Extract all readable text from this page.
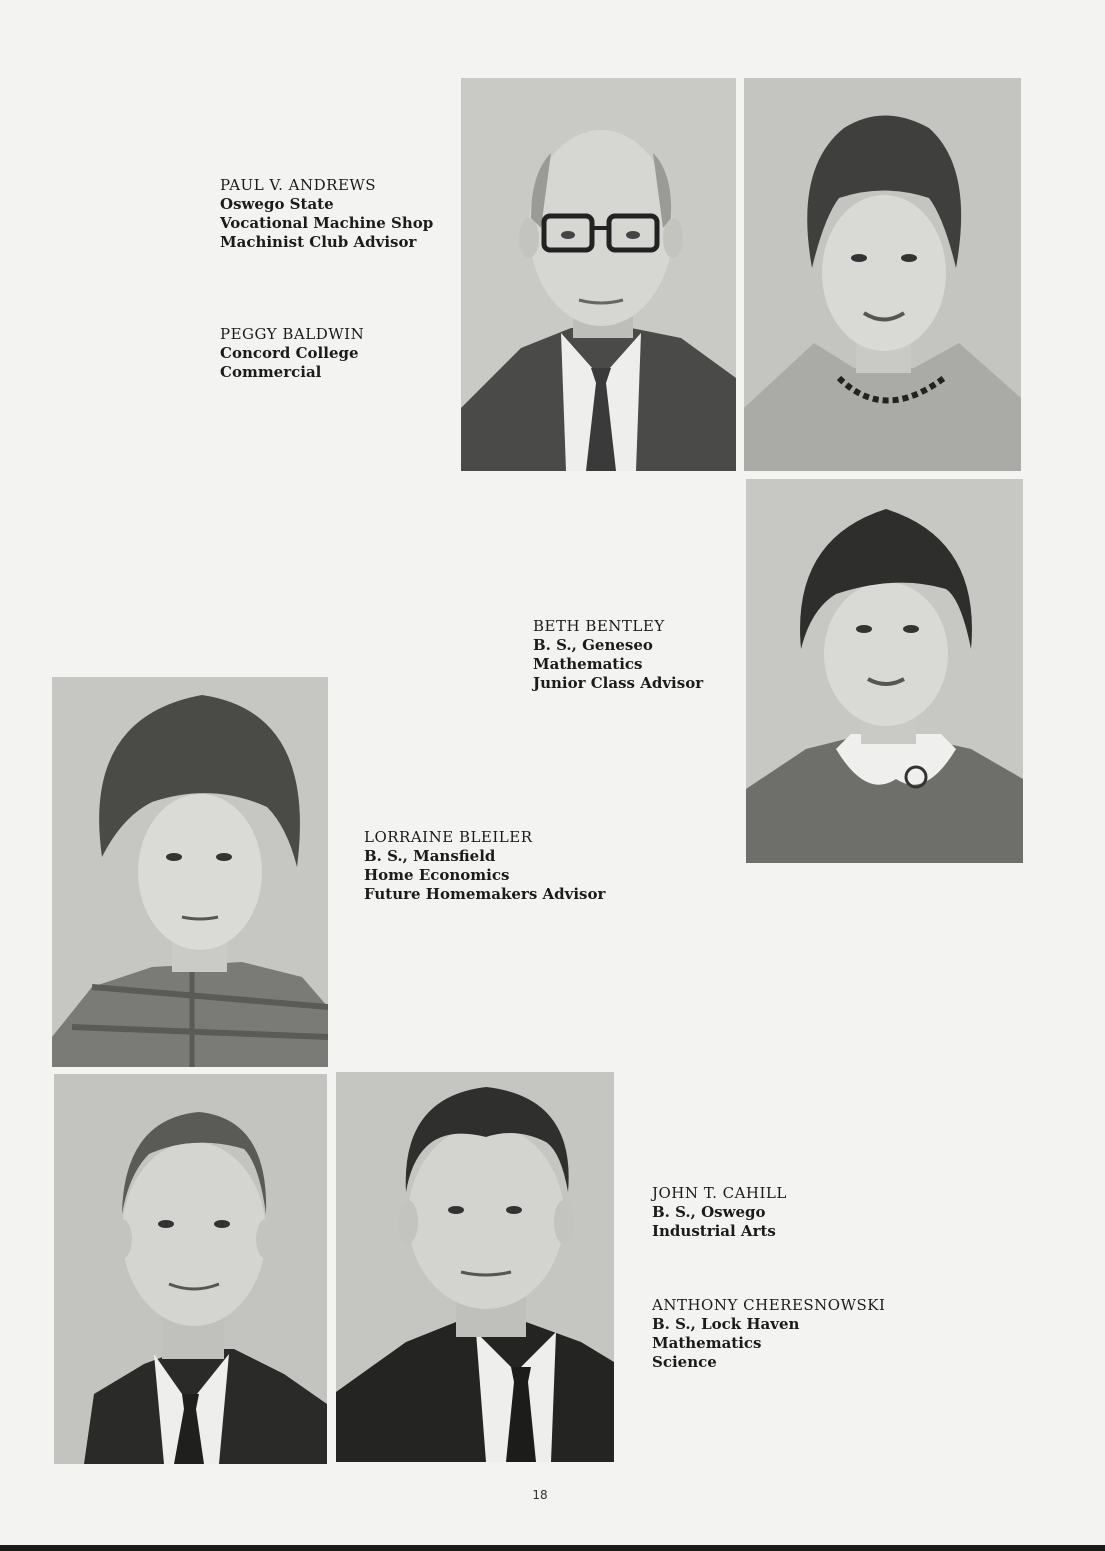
PAUL V. ANDREWS
Oswego State
Vocational Machine Shop
Machinist Club Advisor
PEGGY BALDWIN
Concord College
Commercial
BETH BENTLEY
B. S., Geneseo
Mathematics
Junior Class Advisor
LORRAINE BLEILER
B. S., Mansfield
Home Economics
Future Homemakers Advisor
JOHN T. CAHILL
B. S., Oswego
Industrial Arts
ANTHONY CHERESNOWSKI
B. S., Lock Haven
Mathematics
Science
18
